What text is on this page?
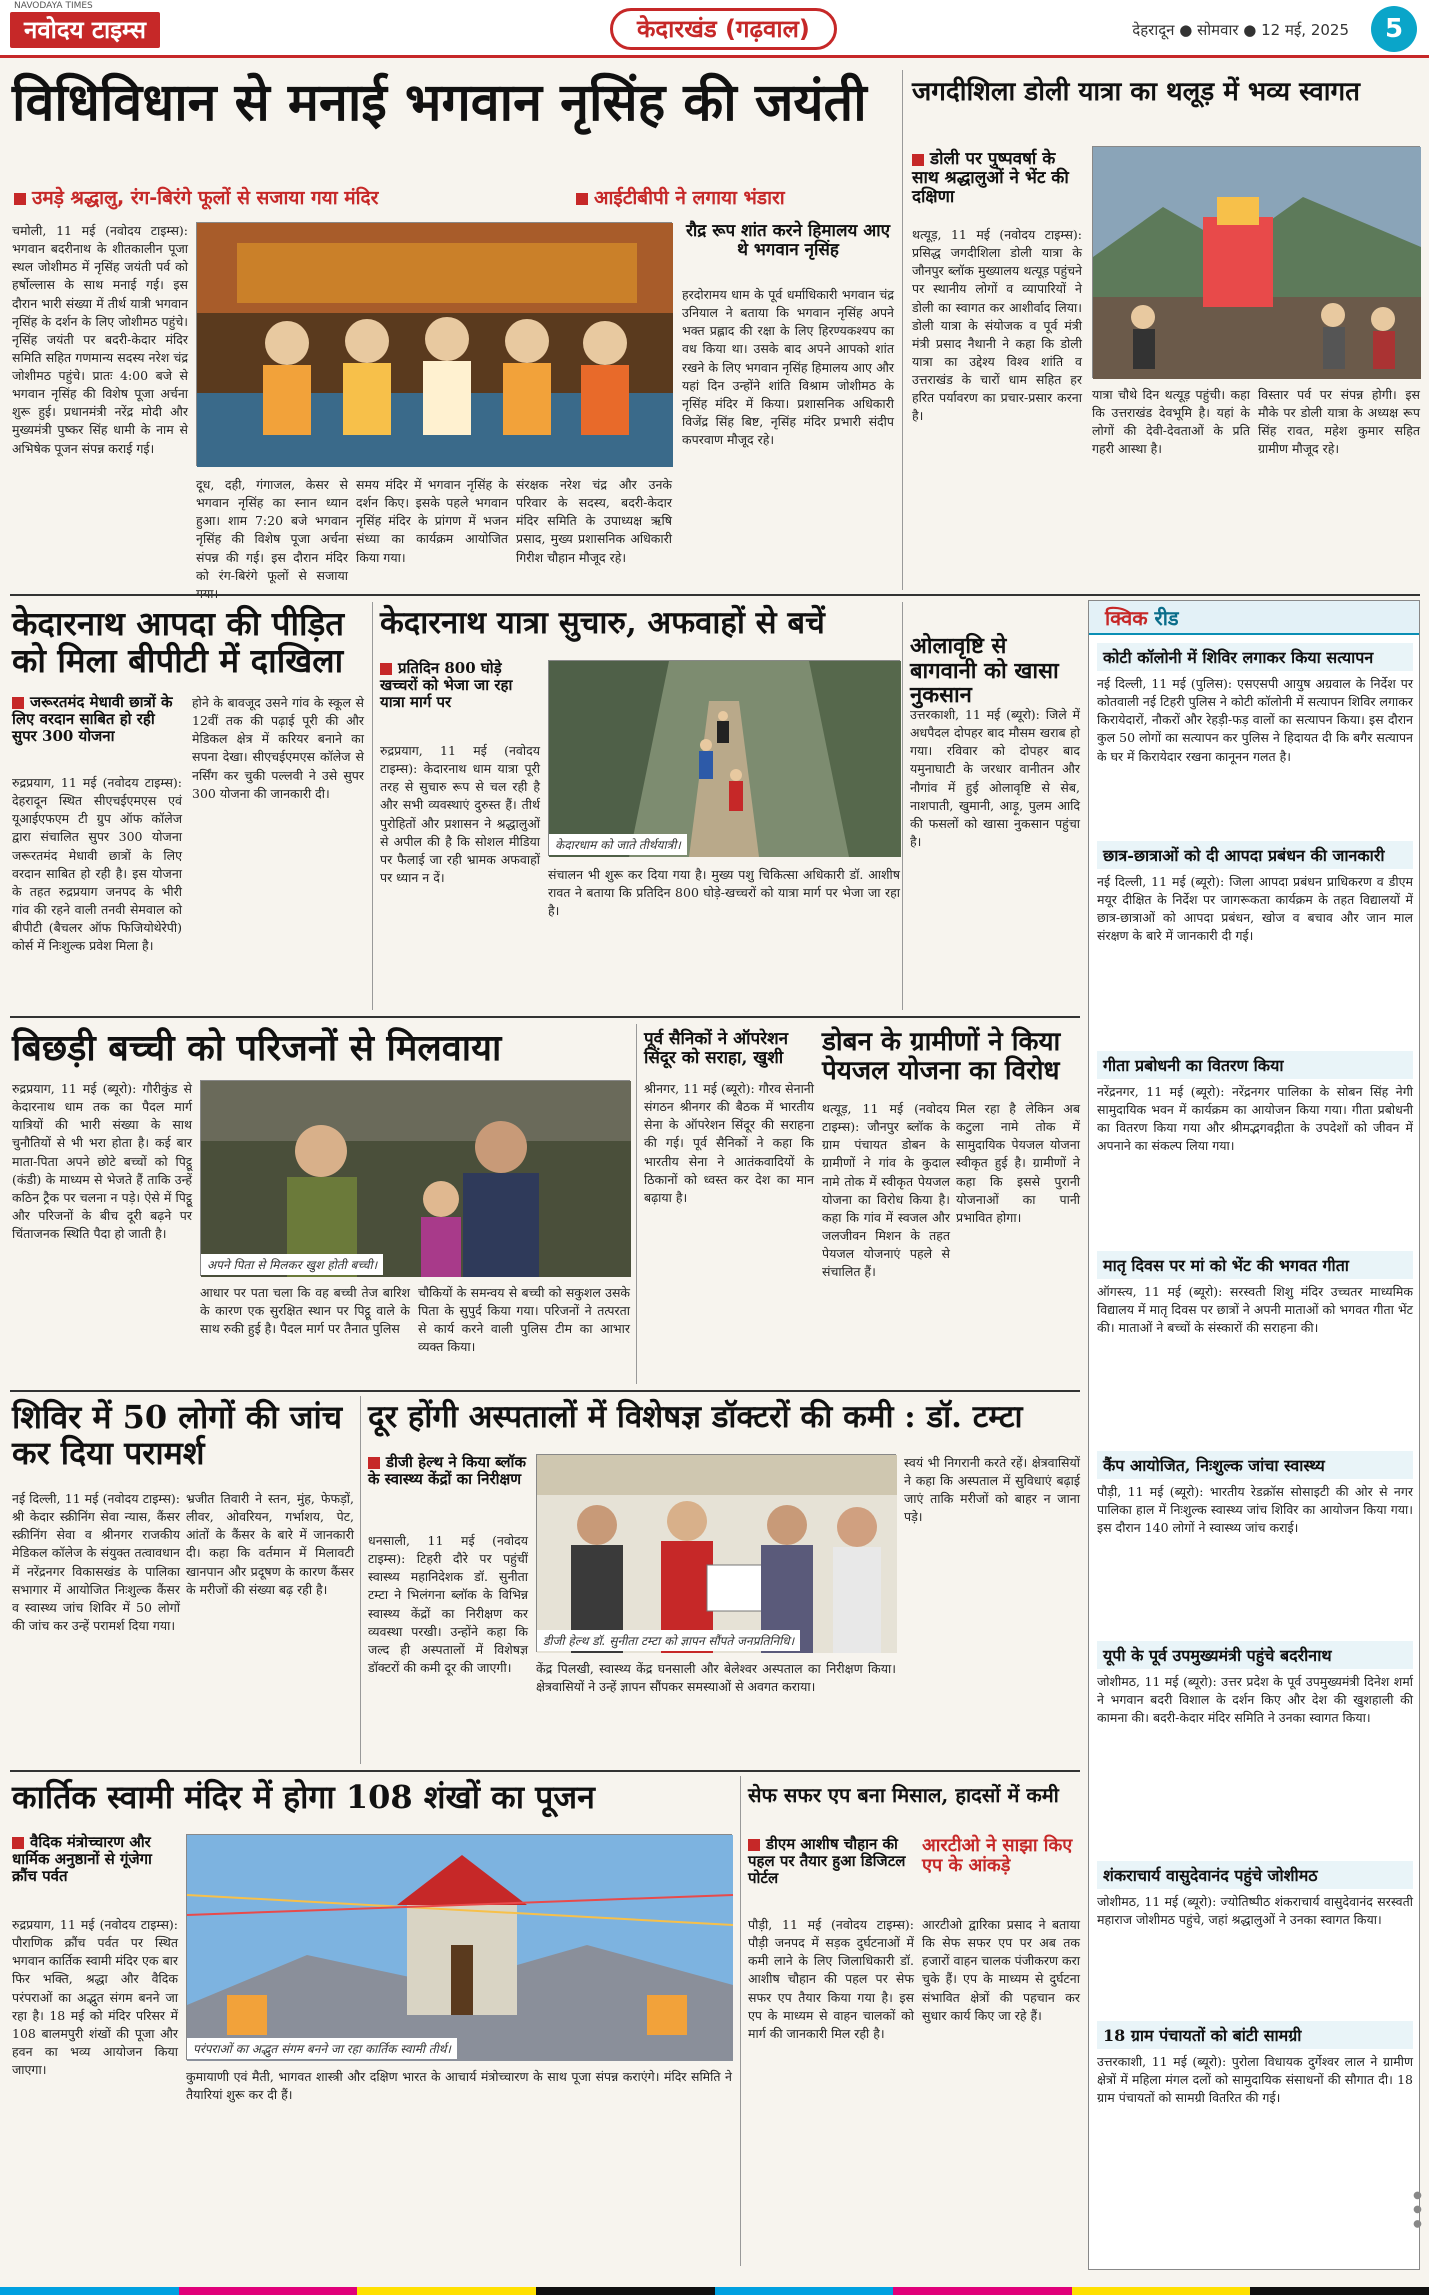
NAVODAYA TIMES
नवोदय टाइम्स	केदारखंड (गढ़वाल)	देहरादून ● सोमवार ● 12 मई, 2025	5
विधिविधान से मनाई भगवान नृसिंह की जयंती
उमड़े श्रद्धालु, रंग-बिरंगे फूलों से सजाया गया मंदिर	आईटीबीपी ने लगाया भंडारा
चमोली, 11 मई (नवोदय टाइम्स): भगवान बदरीनाथ के शीतकालीन पूजा स्थल जोशीमठ में नृसिंह जयंती पर्व को हर्षोल्लास के साथ मनाई गई। इस दौरान भारी संख्या में तीर्थ यात्री भगवान नृसिंह के दर्शन के लिए जोशीमठ पहुंचे। नृसिंह जयंती पर बदरी-केदार मंदिर समिति सहित गणमान्य सदस्य नरेश चंद्र जोशीमठ पहुंचे। प्रातः 4:00 बजे से भगवान नृसिंह की विशेष पूजा अर्चना शुरू हुई। प्रधानमंत्री नरेंद्र मोदी और मुख्यमंत्री पुष्कर सिंह धामी के नाम से अभिषेक पूजन संपन्न कराई गई।
दूध, दही, गंगाजल, केसर से भगवान नृसिंह का स्नान ध्यान हुआ। शाम 7:20 बजे भगवान नृसिंह की विशेष पूजा अर्चना संपन्न की गई। इस दौरान मंदिर को रंग-बिरंगे फूलों से सजाया
समय मंदिर में भगवान नृसिंह के दर्शन किए। इसके पहले भगवान नृसिंह मंदिर के प्रांगण में भजन संध्या का कार्यक्रम आयोजित किया गया।
संरक्षक नरेश चंद्र और उनके परिवार के सदस्य, बदरी-केदार मंदिर समिति के उपाध्यक्ष ऋषि प्रसाद, मुख्य प्रशासनिक अधिकारी गिरीश चौहान मौजूद रहे।
रौद्र रूप शांत करने हिमालय आए थे भगवान नृसिंह
हरदोरामय धाम के पूर्व धर्माधिकारी भगवान चंद्र उनियाल ने बताया कि भगवान नृसिंह अपने भक्त प्रह्लाद की रक्षा के लिए हिरण्यकश्यप का वध किया था। उसके बाद अपने आपको शांत रखने के लिए भगवान नृसिंह हिमालय आए और यहां दिन उन्होंने शांति विश्राम जोशीमठ के नृसिंह मंदिर में किया। प्रशासनिक अधिकारी विजेंद्र सिंह बिष्ट, नृसिंह मंदिर प्रभारी संदीप कपरवाण मौजूद रहे।
जगदीशिला डोली यात्रा का थलूड़ में भव्य स्वागत
डोली पर पुष्पवर्षा के साथ श्रद्धालुओं ने भेंट की दक्षिणा
थत्यूड़, 11 मई (नवोदय टाइम्स): प्रसिद्ध जगदीशिला डोली यात्रा के जौनपुर ब्लॉक मुख्यालय थत्यूड़ पहुंचने पर स्थानीय लोगों व व्यापारियों ने डोली का स्वागत कर आशीर्वाद लिया। डोली यात्रा के संयोजक व पूर्व मंत्री मंत्री प्रसाद नैथानी ने कहा कि डोली यात्रा का उद्देश्य विश्व शांति व उत्तराखंड के चारों धाम सहित हर हरित पर्यावरण का प्रचार-प्रसार करना है।
यात्रा चौथे दिन थत्यूड़ पहुंची। कहा कि उत्तराखंड देवभूमि है। यहां के लोगों की देवी-देवताओं के प्रति गहरी आस्था है।
विस्तार पर्व पर संपन्न होगी। इस मौके पर डोली यात्रा के अध्यक्ष रूप सिंह रावत, महेश कुमार सहित ग्रामीण मौजूद रहे।
केदारनाथ आपदा की पीड़ित को मिला बीपीटी में दाखिला
जरूरतमंद मेधावी छात्रों के लिए वरदान साबित हो रही सुपर 300 योजना
रुद्रप्रयाग, 11 मई (नवोदय टाइम्स): देहरादून स्थित सीएचईएमएस एवं यूआईएफएम टी ग्रुप ऑफ कॉलेज द्वारा संचालित सुपर 300 योजना जरूरतमंद मेधावी छात्रों के लिए वरदान साबित हो रही है। इस योजना के तहत रुद्रप्रयाग जनपद के भीरी गांव की रहने वाली तनवी सेमवाल को बीपीटी (बैचलर ऑफ फिजियोथेरेपी) कोर्स में निःशुल्क प्रवेश मिला है।
होने के बावजूद उसने गांव के स्कूल से 12वीं तक की पढ़ाई पूरी की और मेडिकल क्षेत्र में करियर बनाने का सपना देखा। सीएचईएमएस कॉलेज से नर्सिंग कर चुकी पल्लवी ने उसे सुपर 300 योजना की जानकारी दी।
केदारनाथ यात्रा सुचारु, अफवाहों से बचें
प्रतिदिन 800 घोड़े खच्चरों को भेजा जा रहा यात्रा मार्ग पर
रुद्रप्रयाग, 11 मई (नवोदय टाइम्स): केदारनाथ धाम यात्रा पूरी तरह से सुचारु रूप से चल रही है और सभी व्यवस्थाएं दुरुस्त हैं। तीर्थ पुरोहितों और प्रशासन ने श्रद्धालुओं से अपील की है कि सोशल मीडिया पर फैलाई जा रही भ्रामक अफवाहों पर ध्यान न दें।
केदारधाम को जाते तीर्थयात्री।
संचालन भी शुरू कर दिया गया है। मुख्य पशु चिकित्सा अधिकारी डॉ. आशीष रावत ने बताया कि प्रतिदिन 800 घोड़े-खच्चरों को यात्रा मार्ग पर भेजा जा रहा है।
ओलावृष्टि से बागवानी को खासा नुकसान
उत्तरकाशी, 11 मई (ब्यूरो): जिले में अधपैदल दोपहर बाद मौसम खराब हो गया। रविवार को दोपहर बाद यमुनाघाटी के जरधार वानीतन और नौगांव में हुई ओलावृष्टि से सेब, नाशपाती, खुमानी, आड़ू, पुलम आदि की फसलों को खासा नुकसान पहुंचा है।
क्विक रीड
कोटी कॉलोनी में शिविर लगाकर किया सत्यापन
नई दिल्ली, 11 मई (पुलिस): एसएसपी आयुष अग्रवाल के निर्देश पर कोतवाली नई टिहरी पुलिस ने कोटी कॉलोनी में सत्यापन शिविर लगाकर किरायेदारों, नौकरों और रेहड़ी-फड़ वालों का सत्यापन किया। इस दौरान कुल 50 लोगों का सत्यापन कर पुलिस ने हिदायत दी कि बगैर सत्यापन के घर में किरायेदार रखना कानूनन गलत है।
छात्र-छात्राओं को दी आपदा प्रबंधन की जानकारी
नई दिल्ली, 11 मई (ब्यूरो): जिला आपदा प्रबंधन प्राधिकरण व डीएम मयूर दीक्षित के निर्देश पर जागरूकता कार्यक्रम के तहत विद्यालयों में छात्र-छात्राओं को आपदा प्रबंधन, खोज व बचाव और जान माल संरक्षण के बारे में जानकारी दी गई।
गीता प्रबोधनी का वितरण किया
नरेंद्रनगर, 11 मई (ब्यूरो): नरेंद्रनगर पालिका के सोबन सिंह नेगी सामुदायिक भवन में कार्यक्रम का आयोजन किया गया। गीता प्रबोधनी का वितरण किया गया और श्रीमद्भगवद्गीता के उपदेशों को जीवन में अपनाने का संकल्प लिया गया।
मातृ दिवस पर मां को भेंट की भगवत गीता
ऑगस्त्य, 11 मई (ब्यूरो): सरस्वती शिशु मंदिर उच्चतर माध्यमिक विद्यालय में मातृ दिवस पर छात्रों ने अपनी माताओं को भगवत गीता भेंट की। माताओं ने बच्चों के संस्कारों की सराहना की।
कैंप आयोजित, निःशुल्क जांचा स्वास्थ्य
पौड़ी, 11 मई (ब्यूरो): भारतीय रेडक्रॉस सोसाइटी की ओर से नगर पालिका हाल में निःशुल्क स्वास्थ्य जांच शिविर का आयोजन किया गया। इस दौरान 140 लोगों ने स्वास्थ्य जांच कराई।
यूपी के पूर्व उपमुख्यमंत्री पहुंचे बदरीनाथ
जोशीमठ, 11 मई (ब्यूरो): उत्तर प्रदेश के पूर्व उपमुख्यमंत्री दिनेश शर्मा ने भगवान बदरी विशाल के दर्शन किए और देश की खुशहाली की कामना की। बदरी-केदार मंदिर समिति ने उनका स्वागत किया।
शंकराचार्य वासुदेवानंद पहुंचे जोशीमठ
जोशीमठ, 11 मई (ब्यूरो): ज्योतिष्पीठ शंकराचार्य वासुदेवानंद सरस्वती महाराज जोशीमठ पहुंचे, जहां श्रद्धालुओं ने उनका स्वागत किया।
18 ग्राम पंचायतों को बांटी सामग्री
उत्तरकाशी, 11 मई (ब्यूरो): पुरोला विधायक दुर्गेश्वर लाल ने ग्रामीण क्षेत्रों में महिला मंगल दलों को सामुदायिक संसाधनों की सौगात दी। 18 ग्राम पंचायतों को सामग्री वितरित की गई।
बिछड़ी बच्ची को परिजनों से मिलवाया
रुद्रप्रयाग, 11 मई (ब्यूरो): गौरीकुंड से केदारनाथ धाम तक का पैदल मार्ग यात्रियों की भारी संख्या के साथ चुनौतियों से भी भरा होता है। कई बार माता-पिता अपने छोटे बच्चों को पिट्ठू (कंडी) के माध्यम से भेजते हैं ताकि उन्हें कठिन ट्रैक पर चलना न पड़े। ऐसे में पिट्ठू और परिजनों के बीच दूरी बढ़ने पर चिंताजनक स्थिति पैदा हो जाती है।
अपने पिता से मिलकर खुश होती बच्ची।
आधार पर पता चला कि वह बच्ची तेज बारिश के कारण एक सुरक्षित स्थान पर पिट्ठू वाले के साथ रुकी हुई है। पैदल मार्ग पर तैनात पुलिस
चौकियों के समन्वय से बच्ची को सकुशल उसके पिता के सुपुर्द किया गया। परिजनों ने तत्परता से कार्य करने वाली पुलिस टीम का आभार व्यक्त किया।
पूर्व सैनिकों ने ऑपरेशन सिंदूर को सराहा, खुशी
श्रीनगर, 11 मई (ब्यूरो): गौरव सेनानी संगठन श्रीनगर की बैठक में भारतीय सेना के ऑपरेशन सिंदूर की सराहना की गई। पूर्व सैनिकों ने कहा कि भारतीय सेना ने आतंकवादियों के ठिकानों को ध्वस्त कर देश का मान बढ़ाया है।
डोबन के ग्रामीणों ने किया पेयजल योजना का विरोध
थत्यूड़, 11 मई (नवोदय टाइम्स): जौनपुर ब्लॉक के ग्राम पंचायत डोबन के ग्रामीणों ने गांव के कुदाल नामे तोक में स्वीकृत पेयजल योजना का विरोध किया है। कहा कि गांव में स्वजल और जलजीवन मिशन के तहत पेयजल योजनाएं पहले से संचालित हैं।
मिल रहा है लेकिन अब कटुला नामे तोक में सामुदायिक पेयजल योजना स्वीकृत हुई है। ग्रामीणों ने कहा कि इससे पुरानी योजनाओं का पानी प्रभावित होगा।
शिविर में 50 लोगों की जांच कर दिया परामर्श
नई दिल्ली, 11 मई (नवोदय टाइम्स): श्री केदार स्क्रीनिंग सेवा न्यास, कैंसर स्क्रीनिंग सेवा व श्रीनगर राजकीय मेडिकल कॉलेज के संयुक्त तत्वावधान में नरेंद्रनगर विकासखंड के पालिका सभागार में आयोजित निःशुल्क कैंसर व स्वास्थ्य जांच शिविर में 50 लोगों की जांच कर उन्हें परामर्श दिया गया।
भ्रजीत तिवारी ने स्तन, मुंह, फेफड़ों, लीवर, ओवरियन, गर्भाशय, पेट, आंतों के कैंसर के बारे में जानकारी दी। कहा कि वर्तमान में मिलावटी खानपान और प्रदूषण के कारण कैंसर के मरीजों की संख्या बढ़ रही है।
दूर होंगी अस्पतालों में विशेषज्ञ डॉक्टरों की कमी : डॉ. टम्टा
डीजी हेल्थ ने किया ब्लॉक के स्वास्थ्य केंद्रों का निरीक्षण
धनसाली, 11 मई (नवोदय टाइम्स): टिहरी दौरे पर पहुंचीं स्वास्थ्य महानिदेशक डॉ. सुनीता टम्टा ने भिलंगना ब्लॉक के विभिन्न स्वास्थ्य केंद्रों का निरीक्षण कर व्यवस्था परखी। उन्होंने कहा कि जल्द ही अस्पतालों में विशेषज्ञ डॉक्टरों की कमी दूर की जाएगी।
डीजी हेल्थ डॉ. सुनीता टम्टा को ज्ञापन सौंपते जनप्रतिनिधि।
केंद्र पिलखी, स्वास्थ्य केंद्र घनसाली और बेलेश्वर अस्पताल का निरीक्षण किया। क्षेत्रवासियों ने उन्हें ज्ञापन सौंपकर समस्याओं से अवगत कराया।
स्वयं भी निगरानी करते रहें। क्षेत्रवासियों ने कहा कि अस्पताल में सुविधाएं बढ़ाई जाएं ताकि मरीजों को बाहर न जाना पड़े।
कार्तिक स्वामी मंदिर में होगा 108 शंखों का पूजन
वैदिक मंत्रोच्चारण और धार्मिक अनुष्ठानों से गूंजेगा क्रौंच पर्वत
रुद्रप्रयाग, 11 मई (नवोदय टाइम्स): पौराणिक क्रौंच पर्वत पर स्थित भगवान कार्तिक स्वामी मंदिर एक बार फिर भक्ति, श्रद्धा और वैदिक परंपराओं का अद्भुत संगम बनने जा रहा है। 18 मई को मंदिर परिसर में 108 बालमपुरी शंखों की पूजा और हवन का भव्य आयोजन किया जाएगा।
परंपराओं का अद्भुत संगम बनने जा रहा कार्तिक स्वामी तीर्थ।
कुमायाणी एवं मैती, भागवत शास्त्री और दक्षिण भारत के आचार्य मंत्रोच्चारण के साथ पूजा संपन्न कराएंगे। मंदिर समिति ने तैयारियां शुरू कर दी हैं।
सेफ सफर एप बना मिसाल, हादसों में कमी
डीएम आशीष चौहान की पहल पर तैयार हुआ डिजिटल पोर्टल
पौड़ी, 11 मई (नवोदय टाइम्स): पौड़ी जनपद में सड़क दुर्घटनाओं में कमी लाने के लिए जिलाधिकारी डॉ. आशीष चौहान की पहल पर सेफ सफर एप तैयार किया गया है। इस एप के माध्यम से वाहन चालकों को मार्ग की जानकारी मिल रही है।
आरटीओ ने साझा किए एप के आंकड़े
आरटीओ द्वारिका प्रसाद ने बताया कि सेफ सफर एप पर अब तक हजारों वाहन चालक पंजीकरण करा चुके हैं। एप के माध्यम से दुर्घटना संभावित क्षेत्रों की पहचान कर सुधार कार्य किए जा रहे हैं।
● ● ●
